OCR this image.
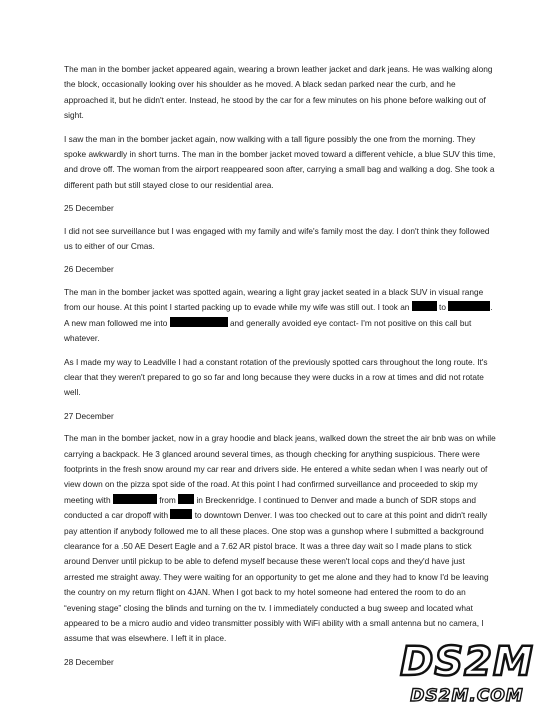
The man in the bomber jacket appeared again, wearing a brown leather jacket and dark jeans. He was walking along the block, occasionally looking over his shoulder as he moved. A black sedan parked near the curb, and he approached it, but he didn't enter. Instead, he stood by the car for a few minutes on his phone before walking out of sight.

I saw the man in the bomber jacket again, now walking with a tall figure possibly the one from the morning. They spoke awkwardly in short turns. The man in the bomber jacket moved toward a different vehicle, a blue SUV this time, and drove off. The woman from the airport reappeared soon after, carrying a small bag and walking a dog. She took a different path but still stayed close to our residential area.

25 December

I did not see surveillance but I was engaged with my family and wife's family most the day. I don't think they followed us to either of our Cmas.

26 December

The man in the bomber jacket was spotted again, wearing a light gray jacket seated in a black SUV in visual range from our house. At this point I started packing up to evade while my wife was still out. I took an	to	. A new man followed me into	and generally avoided eye contact- I'm not positive on this call but whatever.

As I made my way to Leadville I had a constant rotation of the previously spotted cars throughout the long route. It's clear that they weren't prepared to go so far and long because they were ducks in a row at times and did not rotate well.

27 December

The man in the bomber jacket, now in a gray hoodie and black jeans, walked down the street the air bnb was on while carrying a backpack. He 3 glanced around several times, as though checking for anything suspicious. There were footprints in the fresh snow around my car rear and drivers side. He entered a white sedan when I was nearly out of view down on the pizza spot side of the road. At this point I had confirmed surveillance and proceeded to skip my meeting with	from in Breckenridge. I continued to Denver and made a bunch of SDR stops and conducted a car dropoff with	to downtown Denver. I was too checked out to care at this point and didn't really pay attention if anybody followed me to all these places. One stop was a gunshop where I submitted a background clearance for a .50 AE Desert Eagle and a 7.62 AR pistol brace. It was a three day wait so I made plans to stick around Denver until pickup to be able to defend myself because these weren't local cops and they'd have just arrested me straight away. They were waiting for an opportunity to get me alone and they had to know I'd be leaving the country on my return flight on 4JAN. When I got back to my hotel someone had entered the room to do an “evening stage” closing the blinds and turning on the tv. I immediately conducted a bug sweep and located what appeared to be a micro audio and video transmitter possibly with WiFi ability with a small antenna but no camera, I assume that was elsewhere. I left it in place.

28 December	DS2M
DS2M.COM
